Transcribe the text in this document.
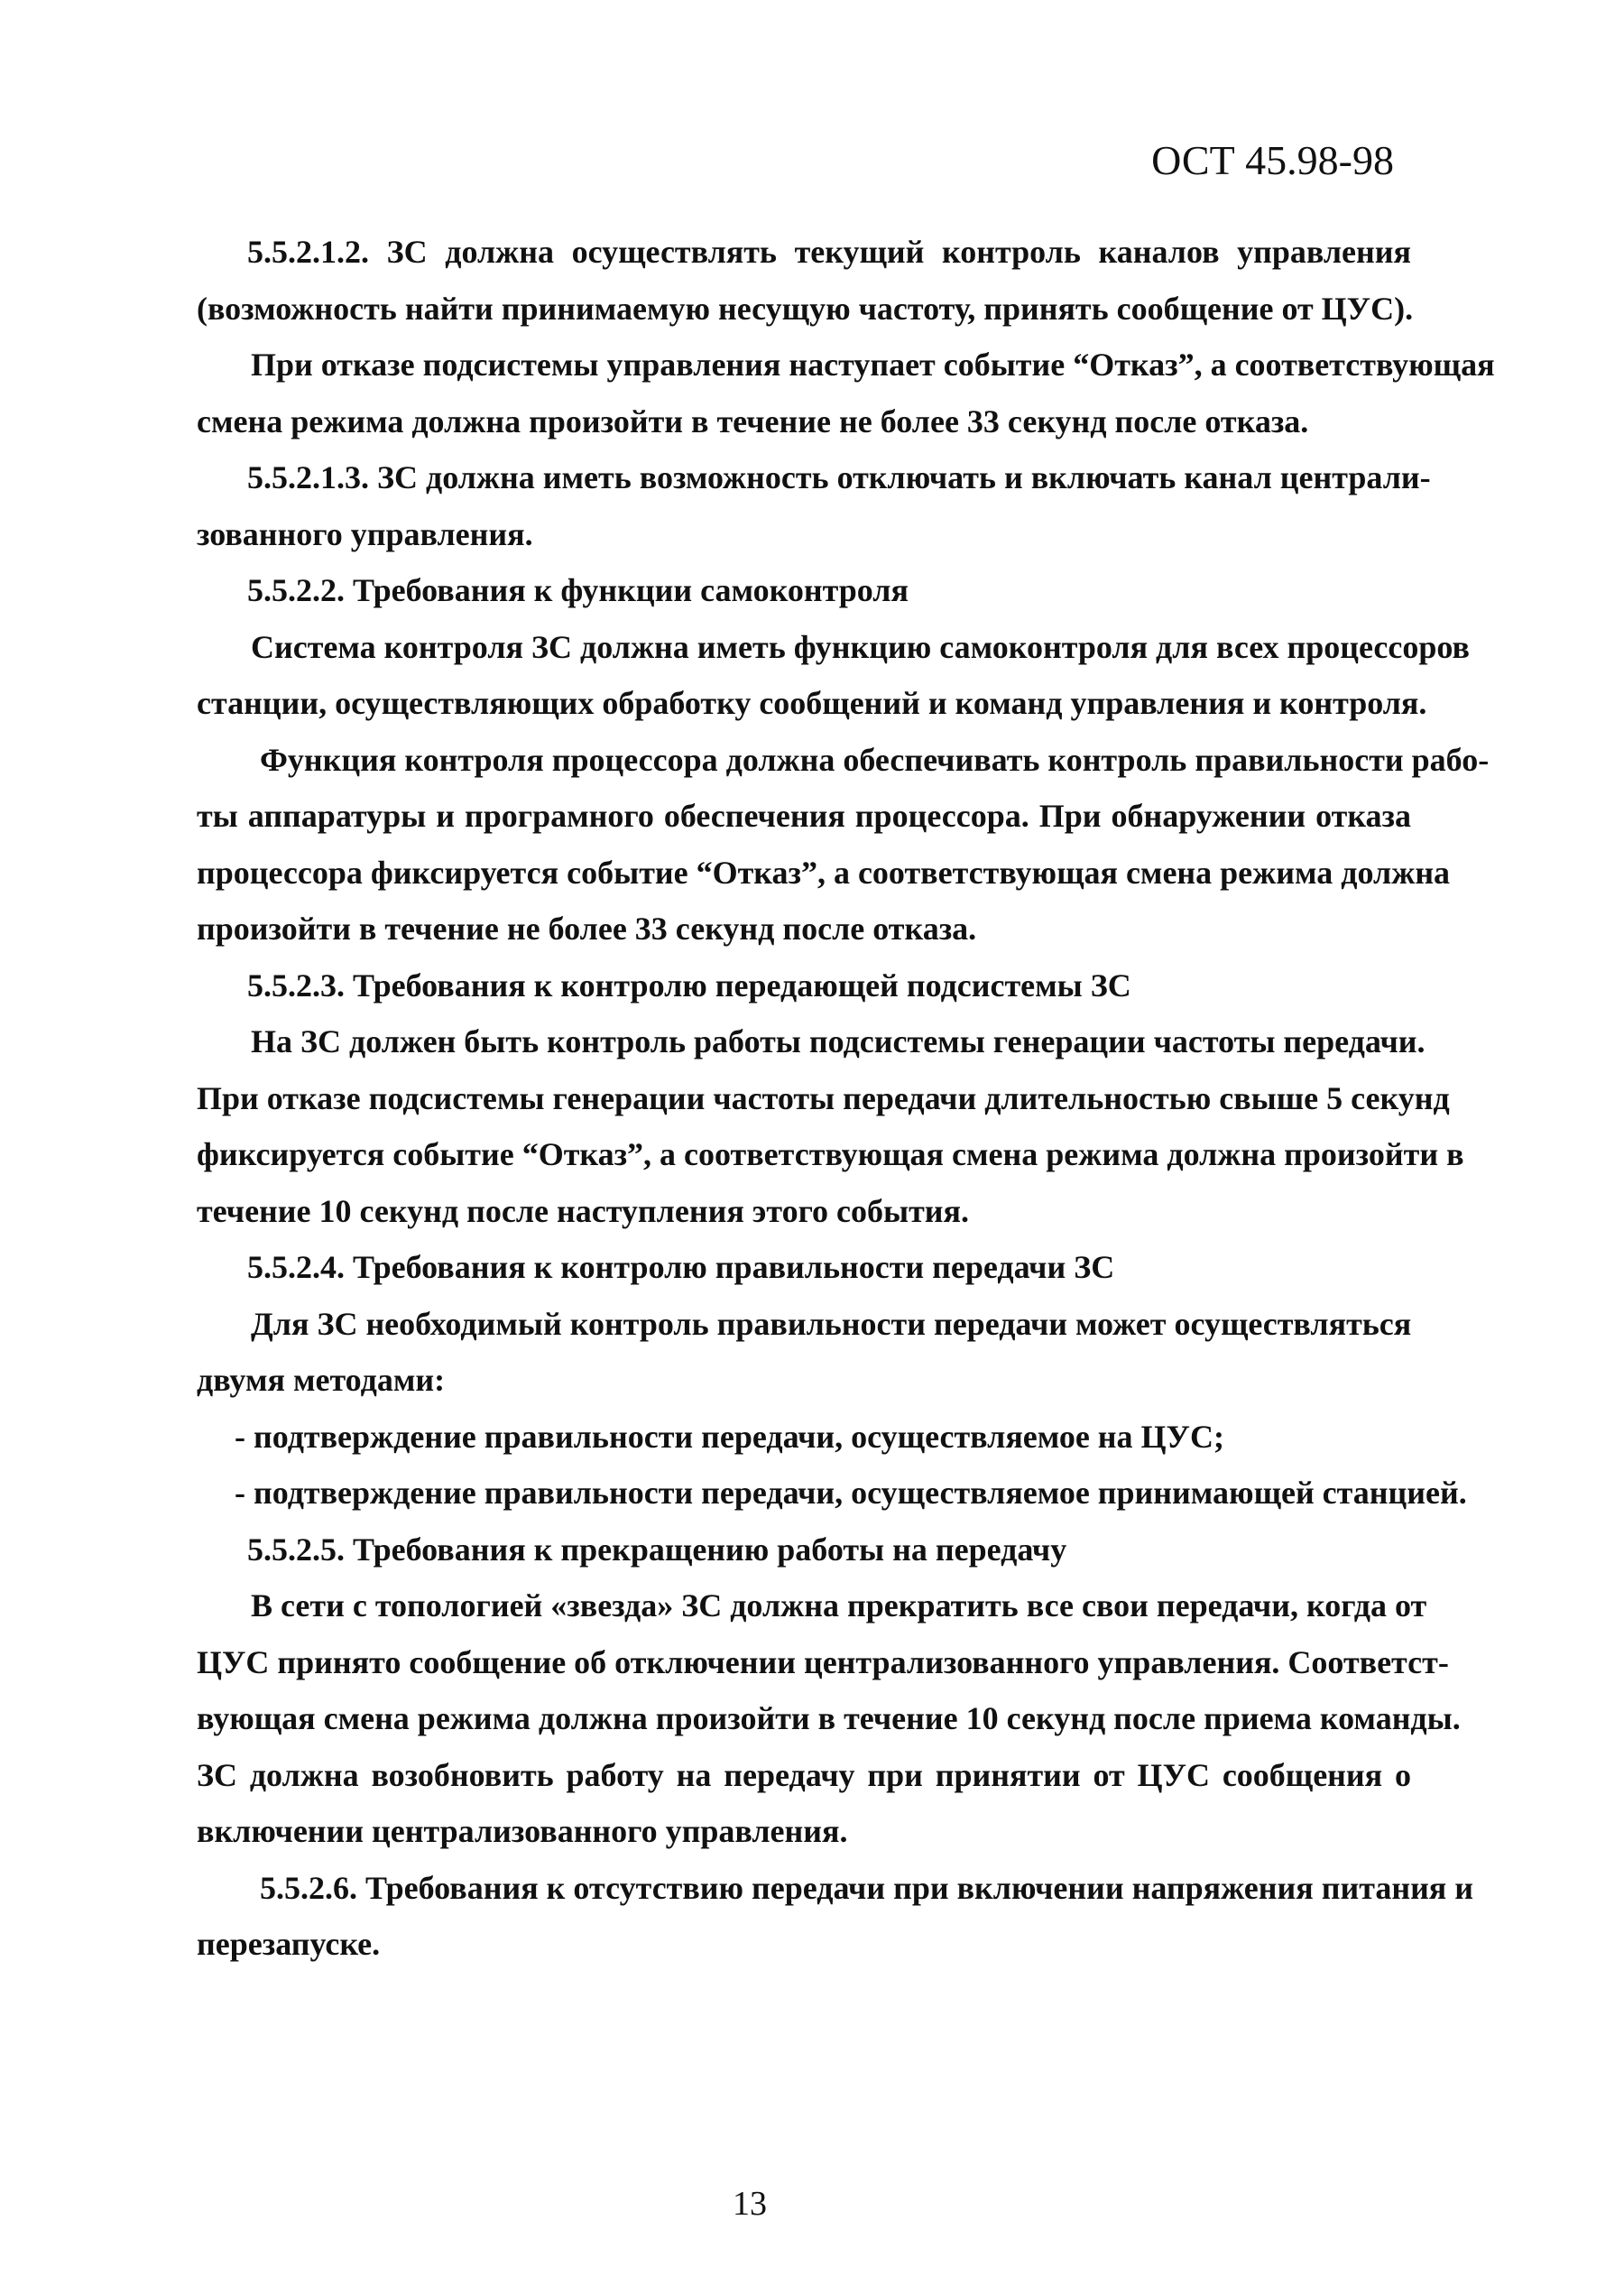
ОСТ 45.98-98
5.5.2.1.2. ЗС должна осуществлять текущий контроль каналов управления
(возможность найти принимаемую несущую частоту, принять сообщение от ЦУС).
При отказе подсистемы управления наступает событие “Отказ”, а соответствующая
смена режима должна произойти в течение не более 33 секунд после отказа.
5.5.2.1.3. ЗС должна иметь возможность отключать и включать канал централи-
зованного управления.
5.5.2.2. Требования к функции самоконтроля
Система контроля ЗС должна иметь функцию самоконтроля для всех процессоров
станции, осуществляющих обработку сообщений и команд управления и контроля.
Функция контроля процессора должна обеспечивать контроль правильности рабо-
ты аппаратуры и програмного обеспечения процессора. При обнаружении отказа
процессора фиксируется событие “Отказ”, а соответствующая смена режима должна
произойти в течение не более 33 секунд после отказа.
5.5.2.3. Требования к контролю передающей подсистемы ЗС
На ЗС должен быть контроль работы подсистемы генерации частоты передачи.
При отказе подсистемы генерации частоты передачи длительностью свыше 5 секунд
фиксируется событие “Отказ”, а соответствующая смена режима должна произойти в
течение 10 секунд после наступления этого события.
5.5.2.4. Требования к контролю правильности передачи ЗС
Для ЗС необходимый контроль правильности передачи может осуществляться
двумя методами:
- подтверждение правильности передачи, осуществляемое на ЦУС;
- подтверждение правильности передачи, осуществляемое принимающей станцией.
5.5.2.5. Требования к прекращению работы на передачу
В сети с топологией «звезда» ЗС должна прекратить все свои передачи, когда от
ЦУС принято сообщение об отключении централизованного управления. Соответст-
вующая смена режима должна произойти в течение 10 секунд после приема команды.
ЗС должна возобновить работу на передачу при принятии от ЦУС сообщения о
включении централизованного управления.
5.5.2.6. Требования к отсутствию передачи при включении напряжения питания и
перезапуске.
13
